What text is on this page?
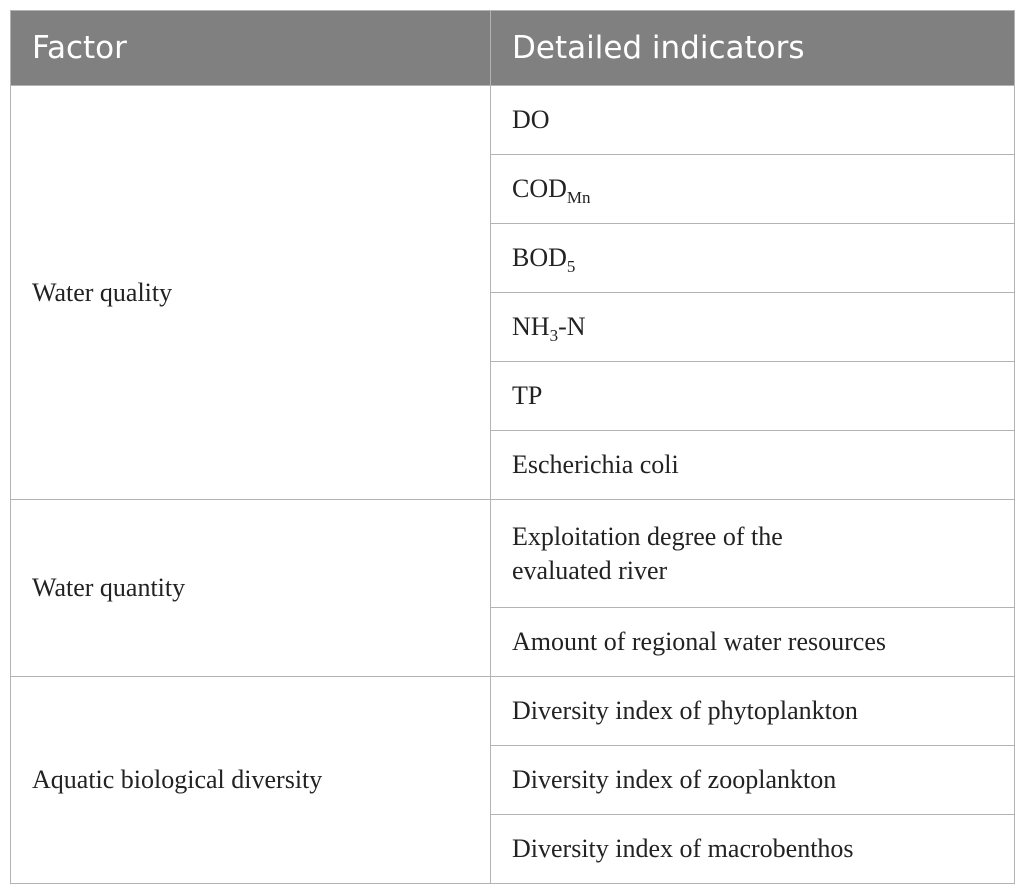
Factor	Detailed indicators
Water quality	DO
	$COD_{Mn}$
	$BOD_5$
	$NH_3-N$
	TP
	Escherichia coli
Water quantity	Exploitation degree of the
evaluated river
	Amount of regional water resources
Aquatic biological diversity	Diversity index of phytoplankton
	Diversity index of zooplankton
	Diversity index of macrobenthos
